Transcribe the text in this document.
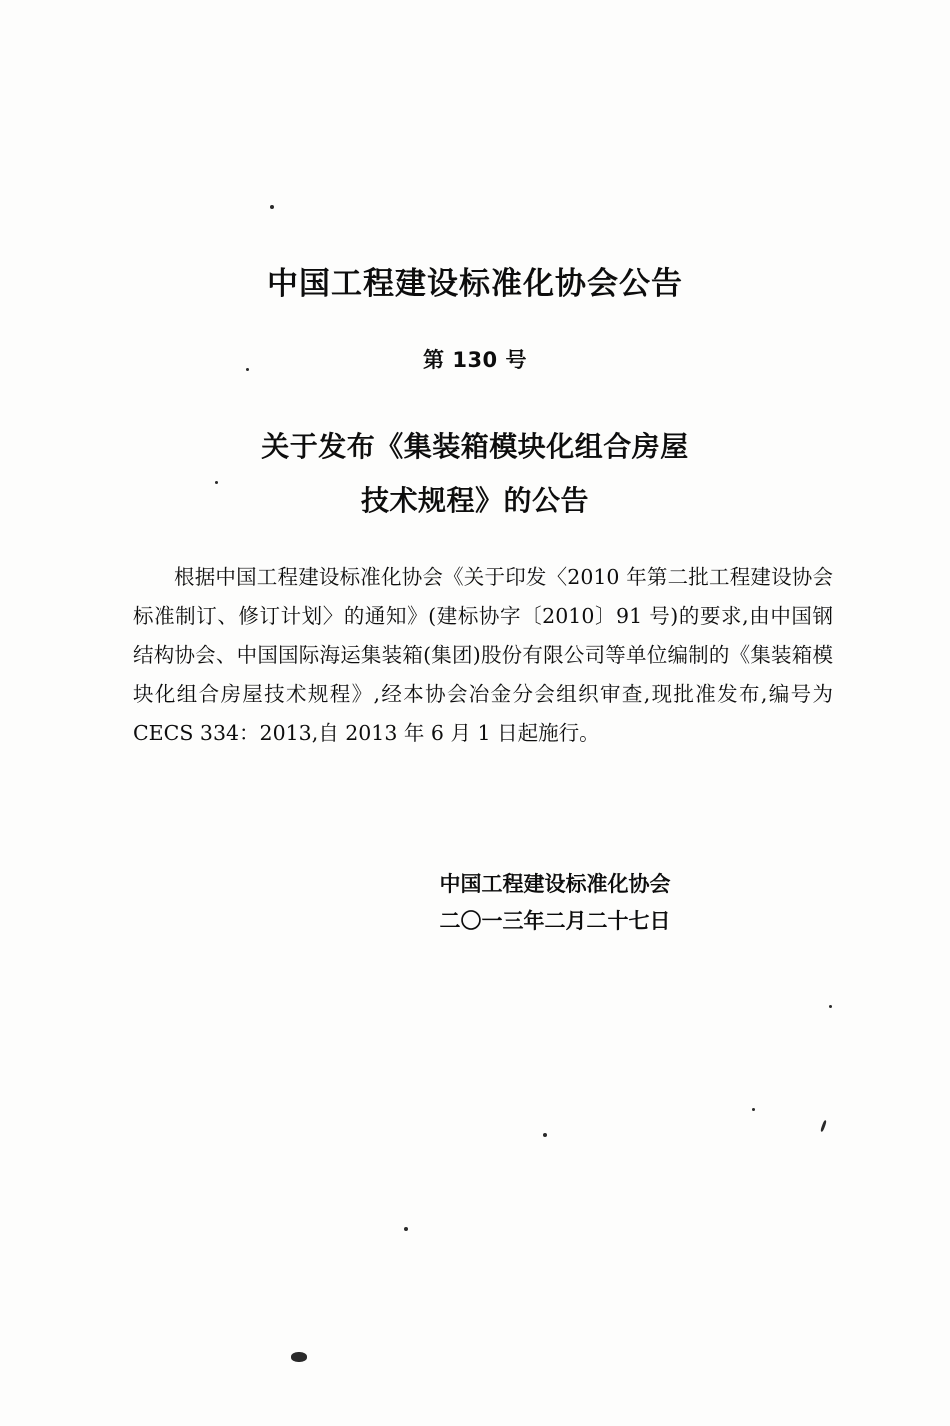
中国工程建设标准化协会公告
第 130 号
关于发布《集装箱模块化组合房屋
技术规程》的公告

根据中国工程建设标准化协会《关于印发〈2010 年第二批工程建设协会标准制订、修订计划〉的通知》(建标协字〔2010〕91 号)的要求,由中国钢结构协会、中国国际海运集装箱(集团)股份有限公司等单位编制的《集装箱模块化组合房屋技术规程》,经本协会冶金分会组织审查,现批准发布,编号为 CECS 334：2013,自 2013 年 6 月 1 日起施行。

中国工程建设标准化协会
二〇一三年二月二十七日
